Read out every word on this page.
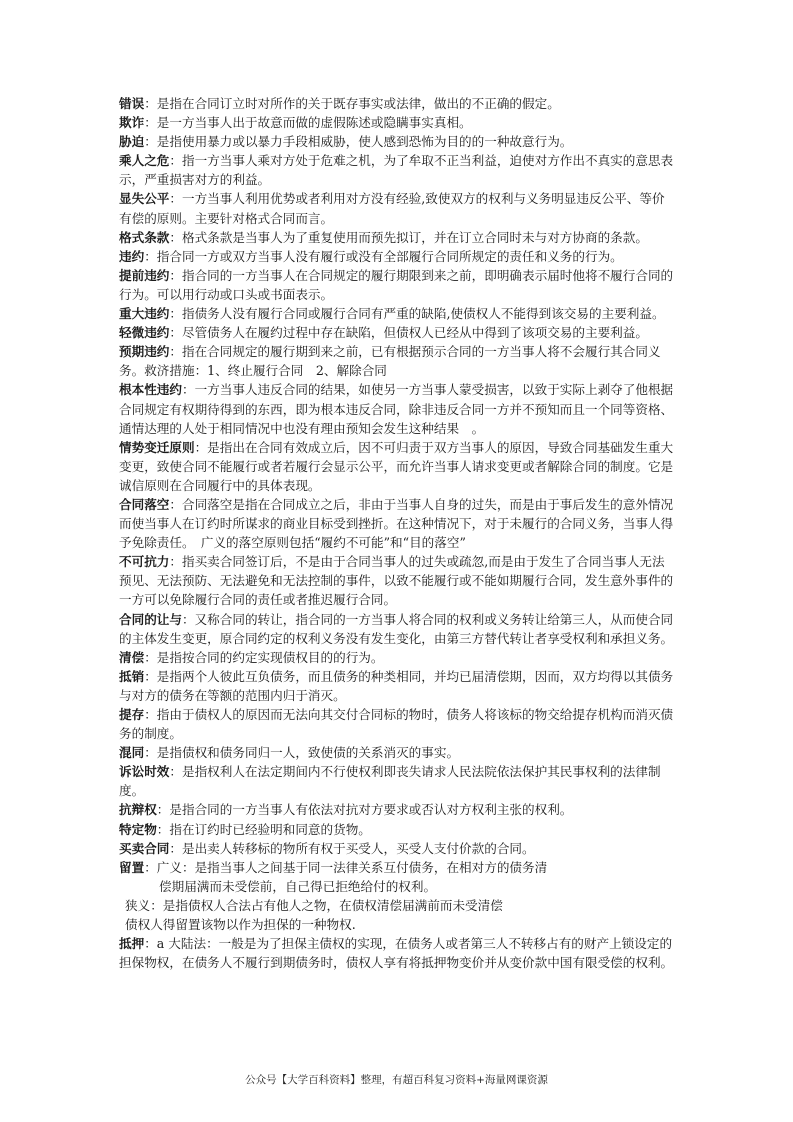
错误：是指在合同订立时对所作的关于既存事实或法律，做出的不正确的假定。
欺诈：是一方当事人出于故意而做的虚假陈述或隐瞒事实真相。
胁迫：是指使用暴力或以暴力手段相威胁，使人感到恐怖为目的的一种故意行为。
乘人之危：指一方当事人乘对方处于危难之机，为了牟取不正当利益，迫使对方作出不真实的意思表示，严重损害对方的利益。
显失公平：一方当事人利用优势或者利用对方没有经验,致使双方的权利与义务明显违反公平、等价有偿的原则。主要针对格式合同而言。
格式条款：格式条款是当事人为了重复使用而预先拟订，并在订立合同时未与对方协商的条款。
违约：指合同一方或双方当事人没有履行或没有全部履行合同所规定的责任和义务的行为。
提前违约：指合同的一方当事人在合同规定的履行期限到来之前，即明确表示届时他将不履行合同的行为。可以用行动或口头或书面表示。
重大违约：指债务人没有履行合同或履行合同有严重的缺陷,使债权人不能得到该交易的主要利益。
轻微违约：尽管债务人在履约过程中存在缺陷，但债权人已经从中得到了该项交易的主要利益。
预期违约：指在合同规定的履行期到来之前，已有根据预示合同的一方当事人将不会履行其合同义务。救济措施：1、终止履行合同　2、解除合同
根本性违约：一方当事人违反合同的结果，如使另一方当事人蒙受损害，以致于实际上剥夺了他根据合同规定有权期待得到的东西，即为根本违反合同，除非违反合同一方并不预知而且一个同等资格、通情达理的人处于相同情况中也没有理由预知会发生这种结果　。
情势变迁原则：是指出在合同有效成立后，因不可归责于双方当事人的原因，导致合同基础发生重大变更，致使合同不能履行或者若履行会显示公平，而允许当事人请求变更或者解除合同的制度。它是诚信原则在合同履行中的具体表现。
合同落空：合同落空是指在合同成立之后，非由于当事人自身的过失，而是由于事后发生的意外情况而使当事人在订约时所谋求的商业目标受到挫折。在这种情况下，对于未履行的合同义务，当事人得予免除责任。　广义的落空原则包括“履约不可能”和“目的落空”
不可抗力：指买卖合同签订后，不是由于合同当事人的过失或疏忽,而是由于发生了合同当事人无法预见、无法预防、无法避免和无法控制的事件，以致不能履行或不能如期履行合同，发生意外事件的一方可以免除履行合同的责任或者推迟履行合同。
合同的让与：又称合同的转让，指合同的一方当事人将合同的权利或义务转让给第三人，从而使合同的主体发生变更，原合同约定的权利义务没有发生变化，由第三方替代转让者享受权利和承担义务。
清偿：是指按合同的约定实现债权目的的行为。
抵销：是指两个人彼此互负债务，而且债务的种类相同，并均已届清偿期，因而，双方均得以其债务与对方的债务在等额的范围内归于消灭。
提存：指由于债权人的原因而无法向其交付合同标的物时，债务人将该标的物交给提存机构而消灭债务的制度。
混同：是指债权和债务同归一人，致使债的关系消灭的事实。
诉讼时效：是指权利人在法定期间内不行使权利即丧失请求人民法院依法保护其民事权利的法律制度。
抗辩权：是指合同的一方当事人有依法对抗对方要求或否认对方权利主张的权利。
特定物：指在订约时已经验明和同意的货物。
买卖合同：是出卖人转移标的物所有权于买受人，买受人支付价款的合同。
留置：广义：是指当事人之间基于同一法律关系互付债务，在相对方的债务清
偿期届满而未受偿前，自己得已拒绝给付的权利。
狭义：是指债权人合法占有他人之物，在债权清偿届满前而未受清偿
债权人得留置该物以作为担保的一种物权.
抵押：a 大陆法：一般是为了担保主债权的实现，在债务人或者第三人不转移占有的财产上锁设定的担保物权，在债务人不履行到期债务时，债权人享有将抵押物变价并从变价款中国有限受偿的权利。
公众号【大学百科资料】整理，有超百科复习资料+海量网课资源
